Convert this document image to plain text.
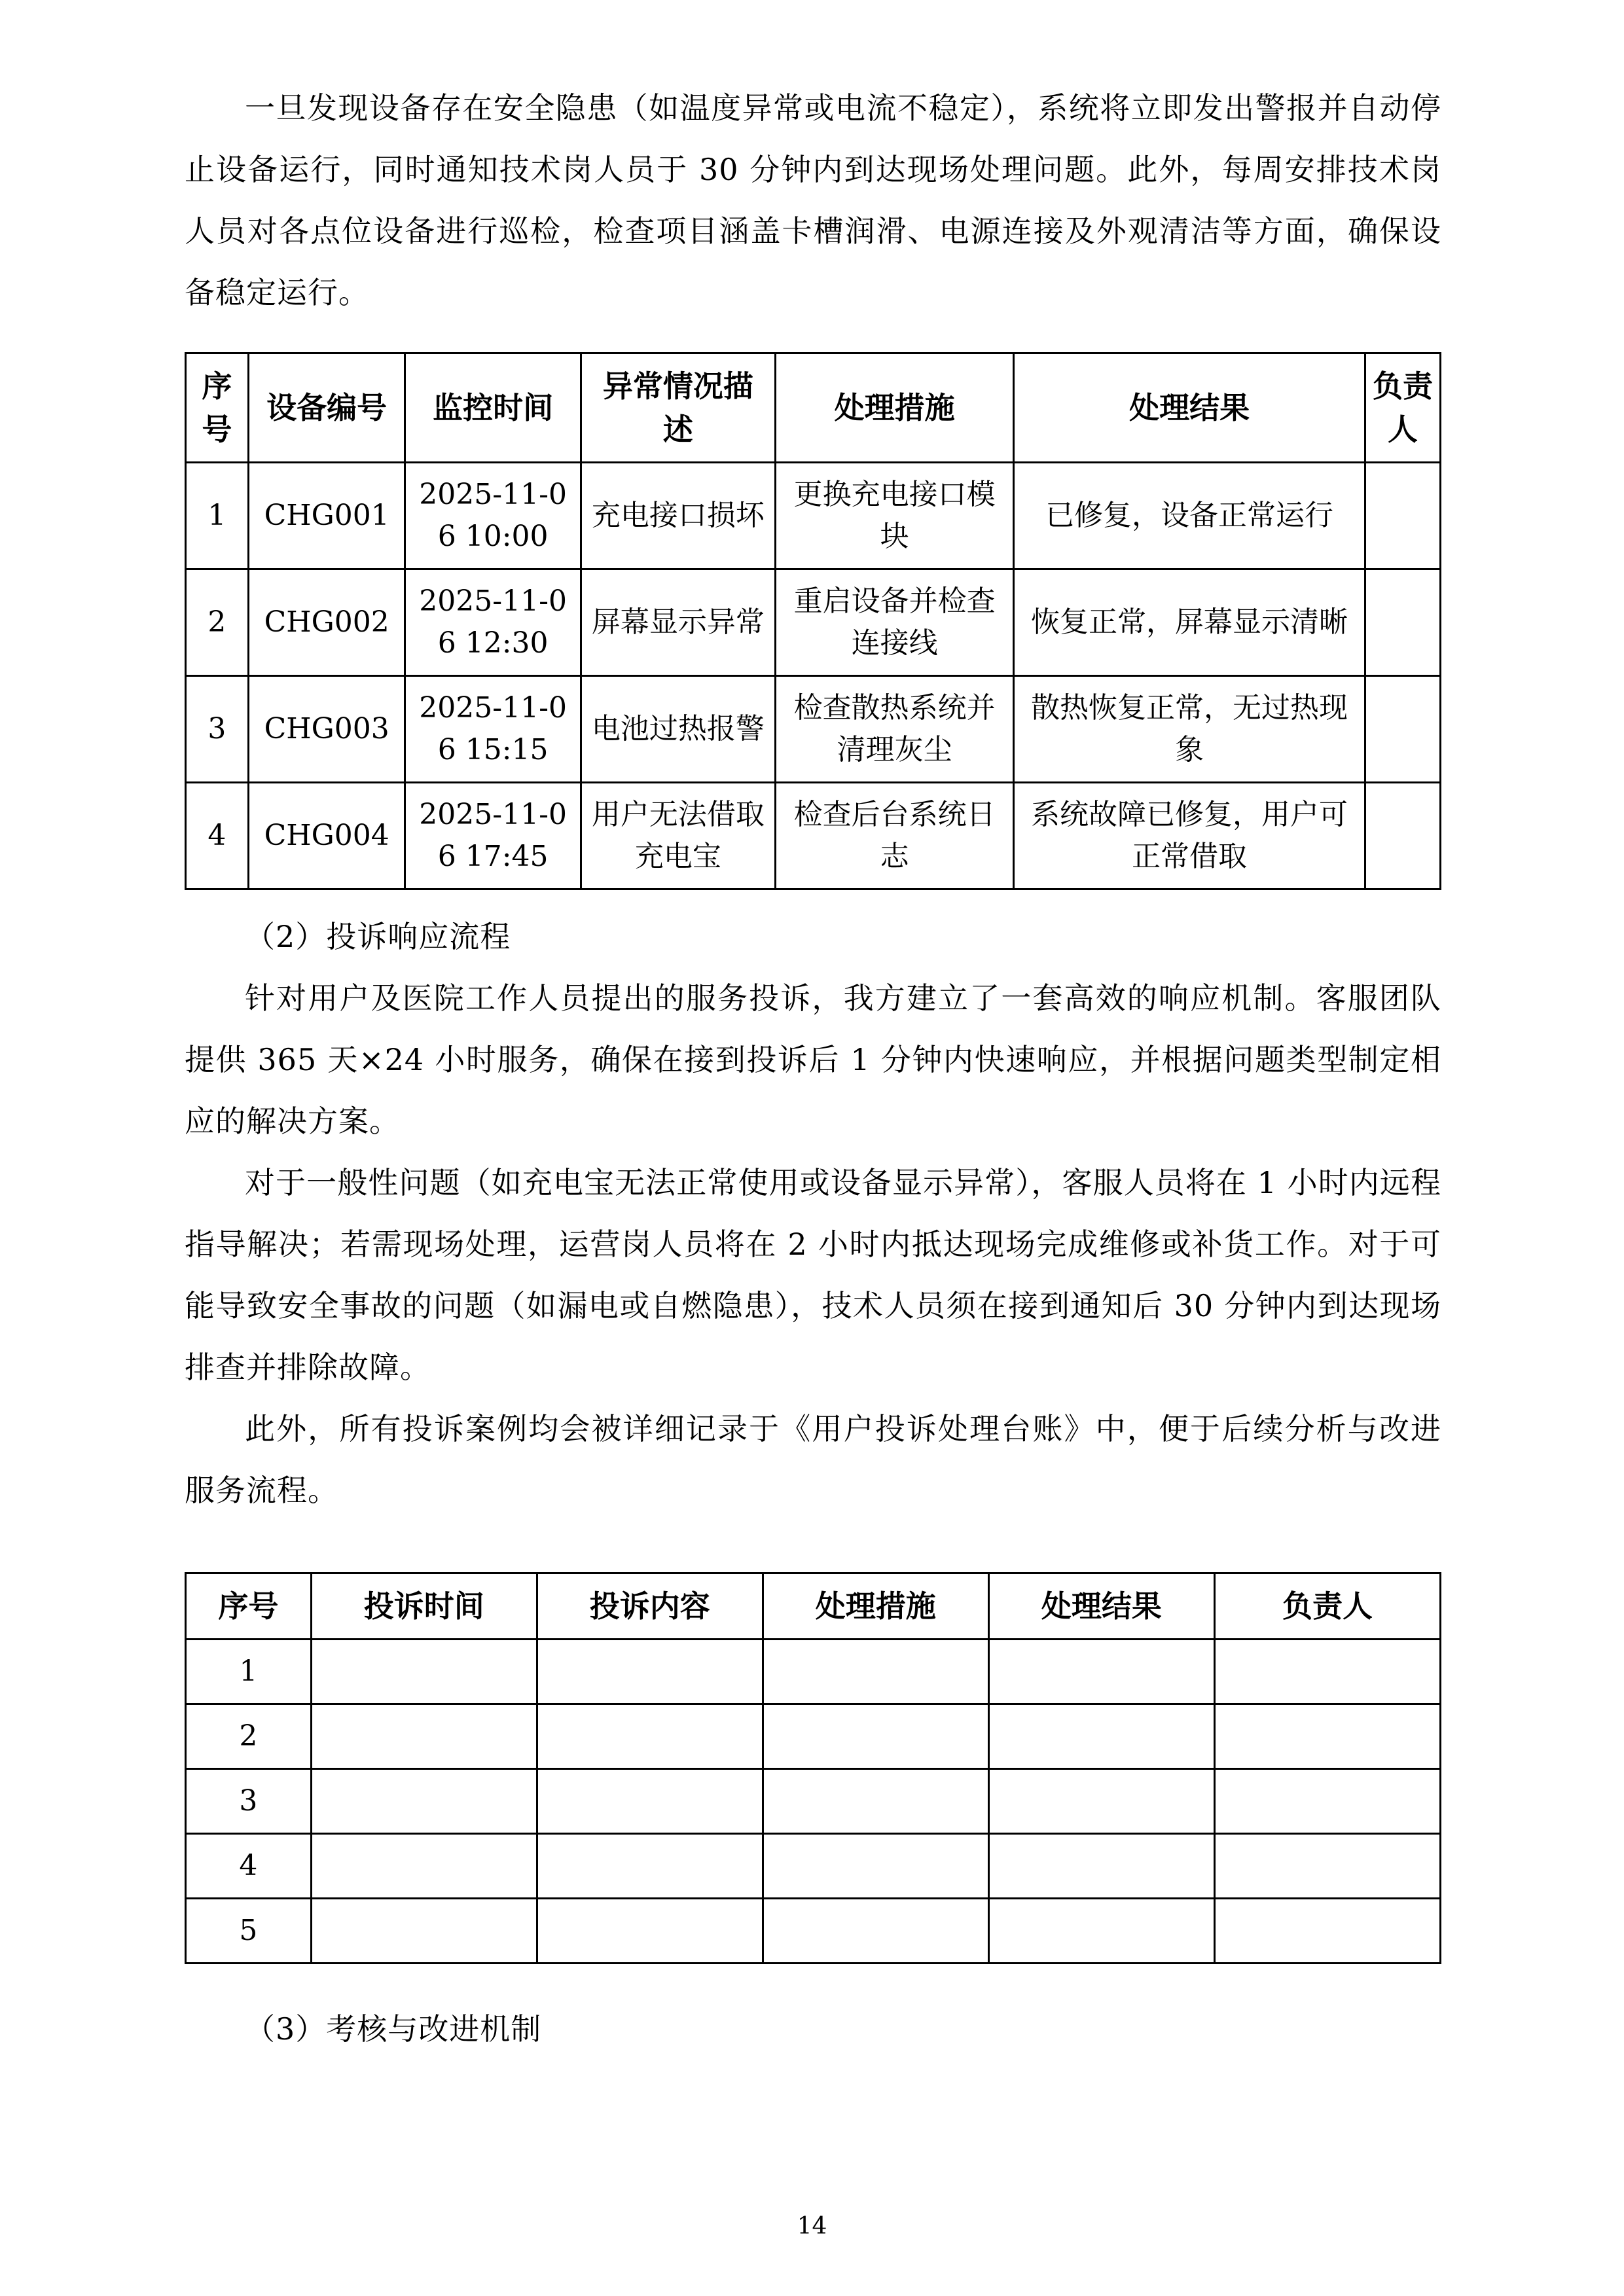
一旦发现设备存在安全隐患（如温度异常或电流不稳定），系统将立即发出警报并自动停止设备运行，同时通知技术岗人员于 30 分钟内到达现场处理问题。此外，每周安排技术岗人员对各点位设备进行巡检，检查项目涵盖卡槽润滑、电源连接及外观清洁等方面，确保设备稳定运行。

序号	设备编号	监控时间	异常情况描述	处理措施	处理结果	负责人
1	CHG001	2025-11-06 10:00	充电接口损坏	更换充电接口模块	已修复，设备正常运行	
2	CHG002	2025-11-06 12:30	屏幕显示异常	重启设备并检查连接线	恢复正常，屏幕显示清晰	
3	CHG003	2025-11-06 15:15	电池过热报警	检查散热系统并清理灰尘	散热恢复正常，无过热现象	
4	CHG004	2025-11-06 17:45	用户无法借取充电宝	检查后台系统日志	系统故障已修复，用户可正常借取	

（2）投诉响应流程

针对用户及医院工作人员提出的服务投诉，我方建立了一套高效的响应机制。客服团队提供 365 天×24 小时服务，确保在接到投诉后 1 分钟内快速响应，并根据问题类型制定相应的解决方案。

对于一般性问题（如充电宝无法正常使用或设备显示异常），客服人员将在 1 小时内远程指导解决；若需现场处理，运营岗人员将在 2 小时内抵达现场完成维修或补货工作。对于可能导致安全事故的问题（如漏电或自燃隐患），技术人员须在接到通知后 30 分钟内到达现场排查并排除故障。

此外，所有投诉案例均会被详细记录于《用户投诉处理台账》中，便于后续分析与改进服务流程。

序号	投诉时间	投诉内容	处理措施	处理结果	负责人
1					
2					
3					
4					
5					

（3）考核与改进机制

14
